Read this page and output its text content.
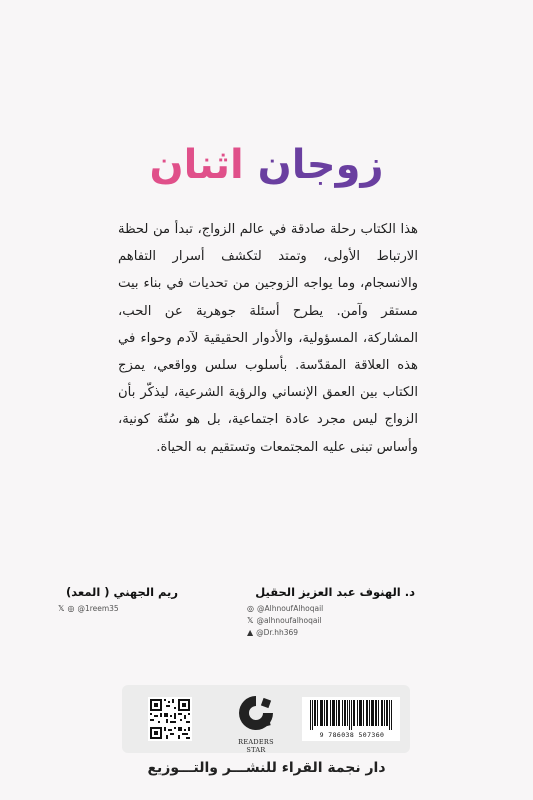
زوجان اثنان
هذا الكتاب رحلة صادقة في عالم الزواج، تبدأ من لحظة الارتباط الأولى، وتمتد لتكشف أسرار التفاهم والانسجام، وما يواجه الزوجين من تحديات في بناء بيت مستقر وآمن. يطرح أسئلة جوهرية عن الحب، المشاركة، المسؤولية، والأدوار الحقيقية لآدم وحواء في هذه العلاقة المقدّسة. بأسلوب سلس وواقعي، يمزج الكتاب بين العمق الإنساني والرؤية الشرعية، ليذكّر بأن الزواج ليس مجرد عادة اجتماعية، بل هو سُنّة كونية، وأساس تبنى عليه المجتمعات وتستقيم به الحياة.
د. الهنوف عبد العزيز الحقيل
◎ @AlhnoufAlhoqail
𝕏 @alhnoufalhoqail
▲ @Dr.hh369
ريم الجهني ( المعد)
𝕏 ◎ @1reem35
READERS STAR
9 786038 507360
دار نجمة القراء للنشـــر والتـــوزيع
